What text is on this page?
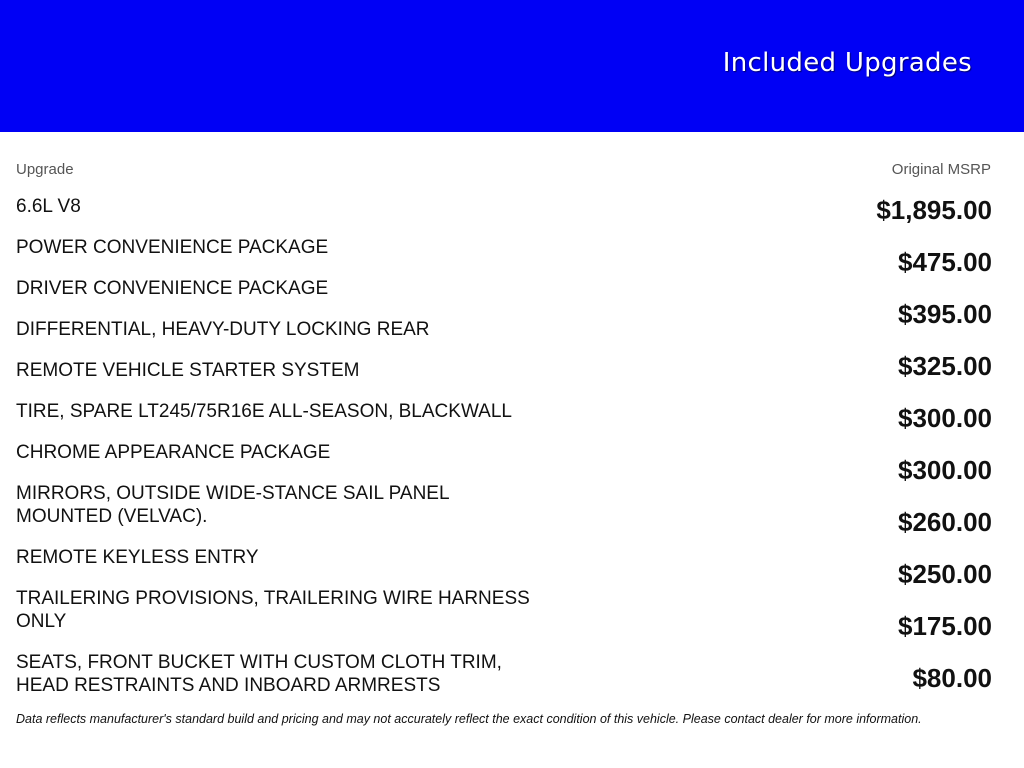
Included Upgrades
Upgrade	Original MSRP
6.6L V8
POWER CONVENIENCE PACKAGE
DRIVER CONVENIENCE PACKAGE
DIFFERENTIAL, HEAVY-DUTY LOCKING REAR
REMOTE VEHICLE STARTER SYSTEM
TIRE, SPARE LT245/75R16E ALL-SEASON, BLACKWALL
CHROME APPEARANCE PACKAGE
MIRRORS, OUTSIDE WIDE-STANCE SAIL PANEL MOUNTED (VELVAC).
REMOTE KEYLESS ENTRY
TRAILERING PROVISIONS, TRAILERING WIRE HARNESS ONLY
SEATS, FRONT BUCKET WITH CUSTOM CLOTH TRIM, HEAD RESTRAINTS AND INBOARD ARMRESTS
$1,895.00
$475.00
$395.00
$325.00
$300.00
$300.00
$260.00
$250.00
$175.00
$80.00
Data reflects manufacturer's standard build and pricing and may not accurately reflect the exact condition of this vehicle. Please contact dealer for more information.
